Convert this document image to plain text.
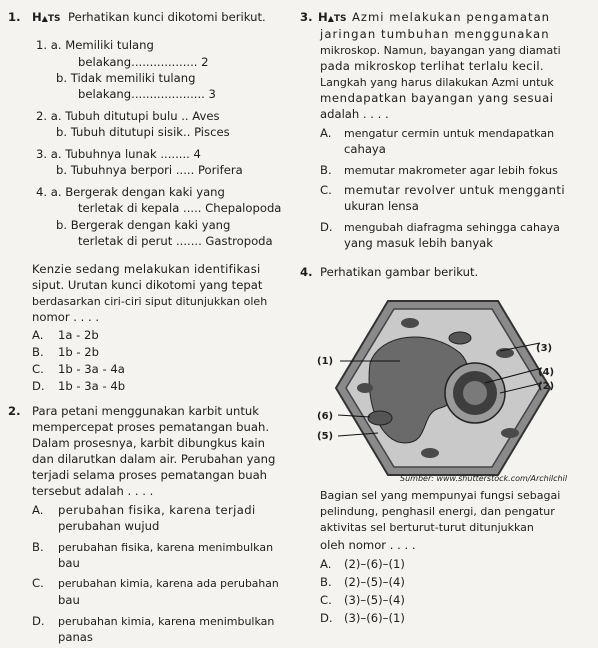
1. H▲TS Perhatikan kunci dikotomi berikut.
1. a. Memiliki tulang
belakang.................. 2
b. Tidak memiliki tulang
belakang.................... 3
2. a. Tubuh ditutupi bulu .. Aves
b. Tubuh ditutupi sisik.. Pisces
3. a. Tubuhnya lunak ........ 4
b. Tubuhnya berpori ..... Porifera
4. a. Bergerak dengan kaki yang
terletak di kepala ..... Chepalopoda
b. Bergerak dengan kaki yang
terletak di perut ....... Gastropoda
Kenzie sedang melakukan identifikasi
siput. Urutan kunci dikotomi yang tepat
berdasarkan ciri-ciri siput ditunjukkan oleh
nomor . . . .
A. 1a - 2b
B. 1b - 2b
C. 1b - 3a - 4a
D. 1b - 3a - 4b
2. Para petani menggunakan karbit untuk
mempercepat proses pematangan buah.
Dalam prosesnya, karbit dibungkus kain
dan dilarutkan dalam air. Perubahan yang
terjadi selama proses pematangan buah
tersebut adalah . . . .
A. perubahan fisika, karena terjadi
perubahan wujud
B. perubahan fisika, karena menimbulkan
bau
C. perubahan kimia, karena ada perubahan
bau
D. perubahan kimia, karena menimbulkan
panas
3. H▲TS Azmi melakukan pengamatan
jaringan tumbuhan menggunakan
mikroskop. Namun, bayangan yang diamati
pada mikroskop terlihat terlalu kecil.
Langkah yang harus dilakukan Azmi untuk
mendapatkan bayangan yang sesuai
adalah . . . .
A. mengatur cermin untuk mendapatkan
cahaya
B. memutar makrometer agar lebih fokus
C. memutar revolver untuk mengganti
ukuran lensa
D. mengubah diafragma sehingga cahaya
yang masuk lebih banyak
4. Perhatikan gambar berikut.
(1)
(3)
(4)
(2)
(6)
(5)
Sumber: www.shutterstock.com/Archilchil
Bagian sel yang mempunyai fungsi sebagai
pelindung, penghasil energi, dan pengatur
aktivitas sel berturut-turut ditunjukkan
oleh nomor . . . .
A. (2)–(6)–(1)
B. (2)–(5)–(4)
C. (3)–(5)–(4)
D. (3)–(6)–(1)
